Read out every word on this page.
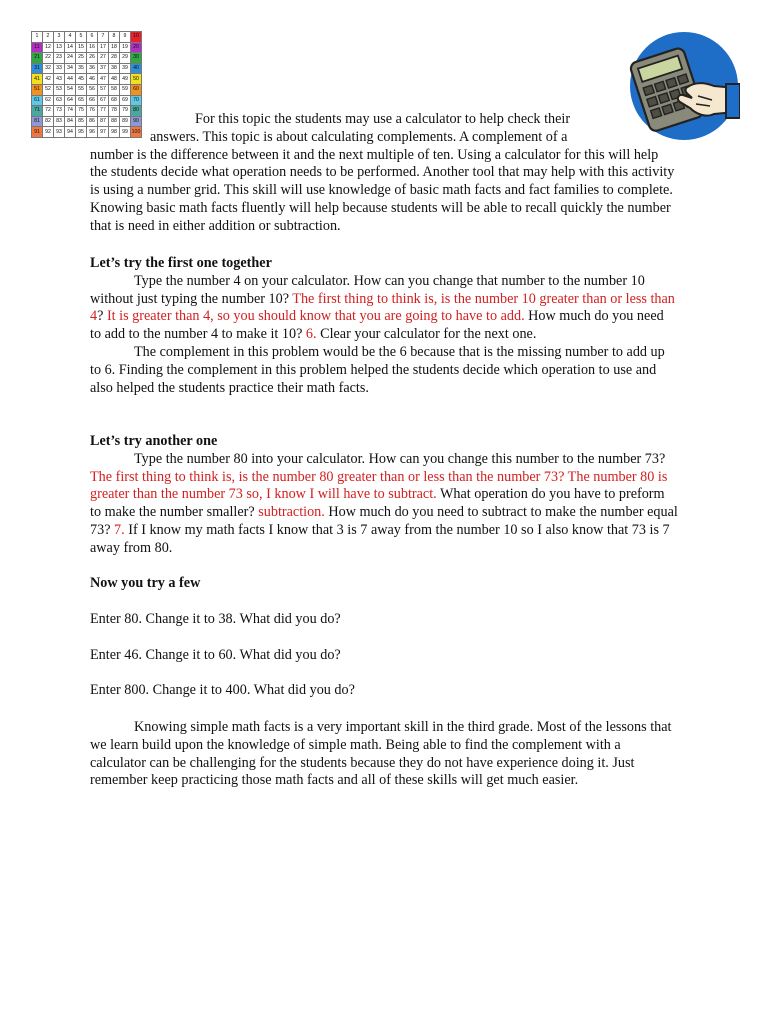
1	2	3	4	5	6	7	8	9	10
11	12	13	14	15	16	17	18	19	20
21	22	23	24	25	26	27	28	29	30
31	32	33	34	35	36	37	38	39	40
41	42	43	44	45	46	47	48	49	50
51	52	53	54	55	56	57	58	59	60
61	62	63	64	65	66	67	68	69	70
71	72	73	74	75	76	77	78	79	80
81	82	83	84	85	86	87	88	89	90
91	92	93	94	95	96	97	98	99	100
For this topic the students may use a calculator to help check their
answers. This topic is about calculating complements. A complement of a
number is the difference between it and the next multiple of ten. Using a calculator for this will help the students decide what operation needs to be performed. Another tool that may help with this activity is using a number grid. This skill will use knowledge of basic math facts and fact families to complete. Knowing basic math facts fluently will help because students will be able to recall quickly the number that is need in either addition or subtraction.

Let’s try the first one together

Type the number 4 on your calculator. How can you change that number to the number 10 without just typing the number 10? The first thing to think is, is the number 10 greater than or less than 4? It is greater than 4, so you should know that you are going to have to add. How much do you need to add to the number 4 to make it 10? 6. Clear your calculator for the next one.

The complement in this problem would be the 6 because that is the missing number to add up to 6. Finding the complement in this problem helped the students decide which operation to use and also helped the students practice their math facts.

Let’s try another one

Type the number 80 into your calculator. How can you change this number to the number 73? The first thing to think is, is the number 80 greater than or less than the number 73? The number 80 is greater than the number 73 so, I know I will have to subtract. What operation do you have to preform to make the number smaller? subtraction. How much do you need to subtract to make the number equal 73? 7. If I know my math facts I know that 3 is 7 away from the number 10 so I also know that 73 is 7 away from 80.

Now you try a few

Enter 80. Change it to 38. What did you do?

Enter 46. Change it to 60. What did you do?

Enter 800. Change it to 400. What did you do?

Knowing simple math facts is a very important skill in the third grade. Most of the lessons that we learn build upon the knowledge of simple math. Being able to find the complement with a calculator can be challenging for the students because they do not have experience doing it. Just remember keep practicing those math facts and all of these skills will get much easier.
